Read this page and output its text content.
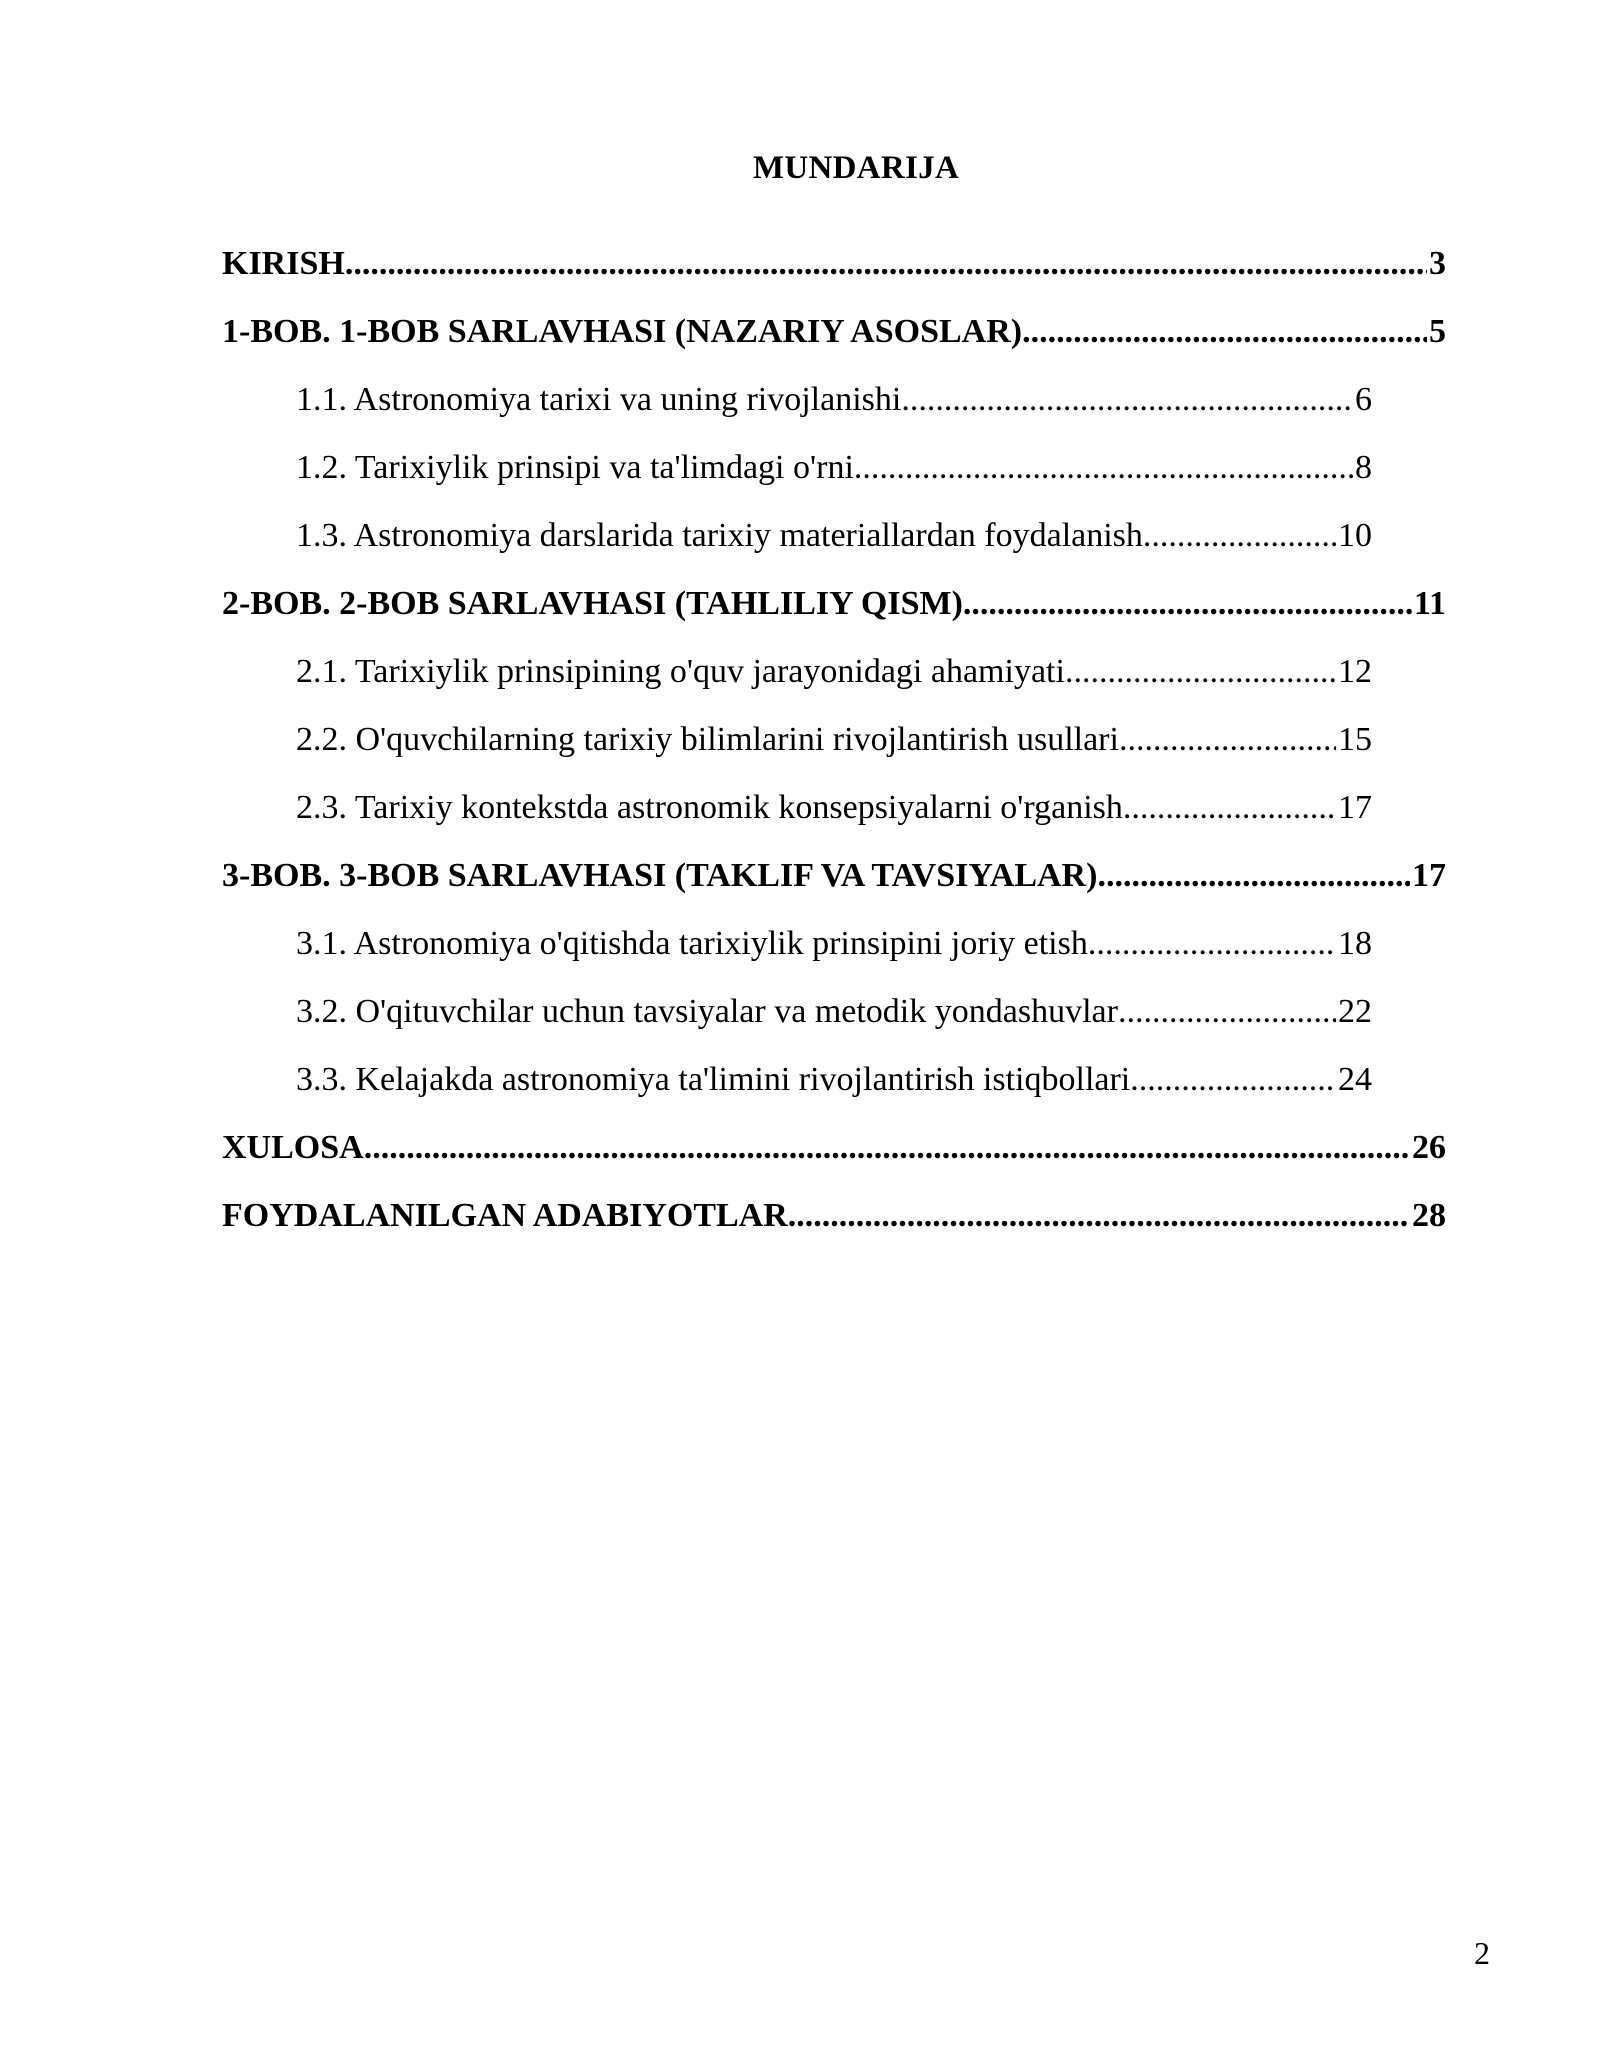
MUNDARIJA
KIRISH .....	3
1-BOB. 1-BOB SARLAVHASI (NAZARIY ASOSLAR) .....	5
1.1. Astronomiya tarixi va uning rivojlanishi .....	6
1.2. Tarixiylik prinsipi va ta'limdagi o'rni .....	8
1.3. Astronomiya darslarida tarixiy materiallardan foydalanish .....	10
2-BOB. 2-BOB SARLAVHASI (TAHLILIY QISM) .....	11
2.1. Tarixiylik prinsipining o'quv jarayonidagi ahamiyati .....	12
2.2. O'quvchilarning tarixiy bilimlarini rivojlantirish usullari .....	15
2.3. Tarixiy kontekstda astronomik konsepsiyalarni o'rganish .....	17
3-BOB. 3-BOB SARLAVHASI (TAKLIF VA TAVSIYALAR) .....	17
3.1. Astronomiya o'qitishda tarixiylik prinsipini joriy etish .....	18
3.2. O'qituvchilar uchun tavsiyalar va metodik yondashuvlar .....	22
3.3. Kelajakda astronomiya ta'limini rivojlantirish istiqbollari .....	24
XULOSA .....	26
FOYDALANILGAN ADABIYOTLAR .....	28
2
